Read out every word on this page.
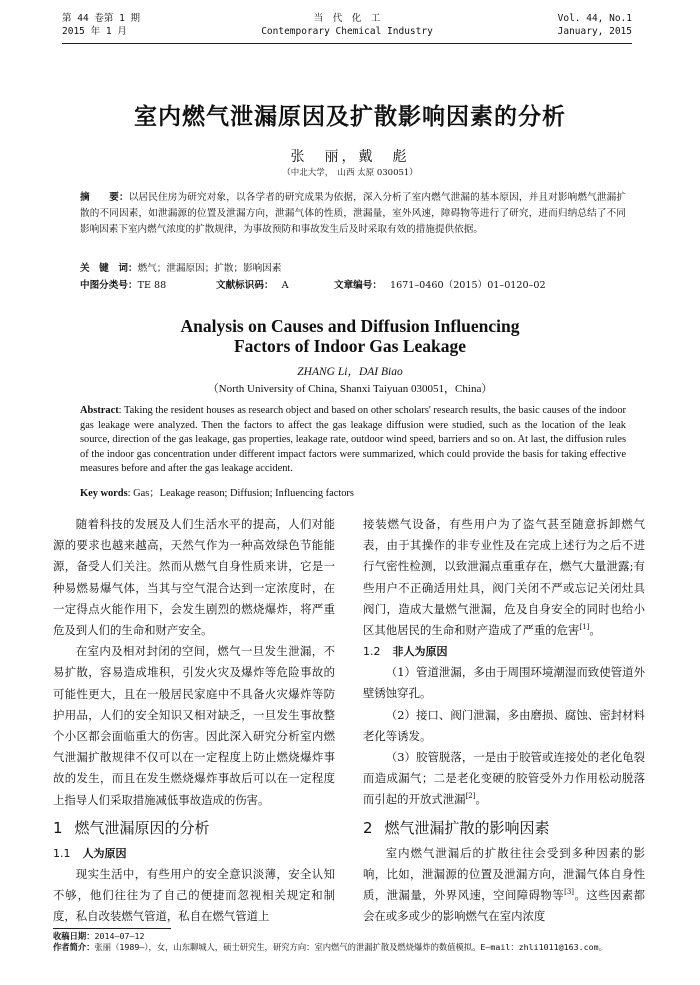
第 44 卷第 1 期
2015 年 1 月
当　代　化　工
Contemporary Chemical Industry
Vol. 44, No.1
January, 2015
室内燃气泄漏原因及扩散影响因素的分析
张　丽，戴　彪
（中北大学，　山西 太原 030051）
摘　　要：以居民住房为研究对象，以各学者的研究成果为依据，深入分析了室内燃气泄漏的基本原因，并且对影响燃气泄漏扩散的不同因素，如泄漏源的位置及泄漏方向，泄漏气体的性质，泄漏量，室外风速，障碍物等进行了研究，进而归纳总结了不同影响因素下室内燃气浓度的扩散规律，为事故预防和事故发生后及时采取有效的措施提供依据。
关　键　词：燃气；泄漏原因；扩散；影响因素
中图分类号：TE 88	文献标识码： A	文章编号： 1671–0460（2015）01–0120–02
Analysis on Causes and Diffusion Influencing
Factors of Indoor Gas Leakage
ZHANG Li，DAI Biao
（North University of China, Shanxi Taiyuan 030051，China）
Abstract: Taking the resident houses as research object and based on other scholars' research results, the basic causes of the indoor gas leakage were analyzed. Then the factors to affect the gas leakage diffusion were studied, such as the location of the leak source, direction of the gas leakage, gas properties, leakage rate, outdoor wind speed, barriers and so on. At last, the diffusion rules of the indoor gas concentration under different impact factors were summarized, which could provide the basis for taking effective measures before and after the gas leakage accident.
Key words: Gas；Leakage reason; Diffusion; Influencing factors

随着科技的发展及人们生活水平的提高，人们对能源的要求也越来越高，天然气作为一种高效绿色节能能源，备受人们关注。然而从燃气自身性质来讲，它是一种易燃易爆气体，当其与空气混合达到一定浓度时，在一定得点火能作用下，会发生剧烈的燃烧爆炸，将严重危及到人们的生命和财产安全。

在室内及相对封闭的空间，燃气一旦发生泄漏，不易扩散，容易造成堆积，引发火灾及爆炸等危险事故的可能性更大，且在一般居民家庭中不具备火灾爆炸等防护用品，人们的安全知识又相对缺乏，一旦发生事故整个小区都会面临重大的伤害。因此深入研究分析室内燃气泄漏扩散规律不仅可以在一定程度上防止燃烧爆炸事故的发生，而且在发生燃烧爆炸事故后可以在一定程度上指导人们采取措施减低事故造成的伤害。

1 燃气泄漏原因的分析
1.1 人为原因

现实生活中，有些用户的安全意识淡薄，安全认知不够，他们往往为了自己的便捷而忽视相关规定和制度，私自改装燃气管道，私自在燃气管道上

接装燃气设备，有些用户为了盗气甚至随意拆卸燃气表，由于其操作的非专业性及在完成上述行为之后不进行气密性检测，以致泄漏点重重存在，燃气大量泄露;有些用户不正确适用灶具，阀门关闭不严或忘记关闭灶具阀门，造成大量燃气泄漏，危及自身安全的同时也给小区其他居民的生命和财产造成了严重的危害[1]。

1.2 非人为原因

（1）管道泄漏，多由于周围环境潮湿而致使管道外壁锈蚀穿孔。

（2）接口、阀门泄漏，多由磨损、腐蚀、密封材料老化等诱发。

（3）胶管脱落，一是由于胶管或连接处的老化龟裂而造成漏气；二是老化变硬的胶管受外力作用松动脱落而引起的开放式泄漏[2]。

2 燃气泄漏扩散的影响因素

室内燃气泄漏后的扩散往往会受到多种因素的影响，比如，泄漏源的位置及泄漏方向，泄漏气体自身性质，泄漏量，外界风速，空间障碍物等[3]。这些因素都会在或多或少的影响燃气在室内浓度

收稿日期：2014–07–12
作者简介：张丽（1989–），女，山东聊城人，硕士研究生，研究方向：室内燃气的泄漏扩散及燃烧爆炸的数值模拟。E–mail：zhli1011@163.com。
